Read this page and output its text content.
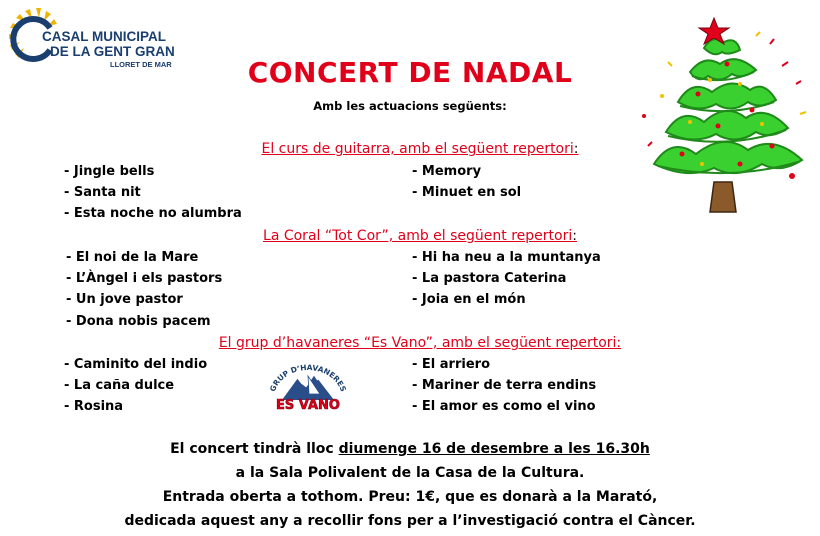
CASAL MUNICIPAL
DE LA GENT GRAN
LLORET DE MAR	CONCERT DE NADAL
Amb les actuacions següents:
El curs de guitarra, amb el següent repertori:
- Jingle bells
- Santa nit
- Esta noche no alumbra
- Memory
- Minuet en sol
La Coral “Tot Cor”, amb el següent repertori:
- El noi de la Mare
- L’Àngel i els pastors
- Un jove pastor
- Dona nobis pacem
- Hi ha neu a la muntanya
- La pastora Caterina
- Joia en el món
El grup d’havaneres “Es Vano”, amb el següent repertori:
- Caminito del indio
- La caña dulce
- Rosina
- El arriero
- Mariner de terra endins
- El amor es como el vino
GRUP D’HAVANERES
ES VANO
El concert tindrà lloc diumenge 16 de desembre a les 16.30h
a la Sala Polivalent de la Casa de la Cultura.
Entrada oberta a tothom. Preu: 1€, que es donarà a la Marató,
dedicada aquest any a recollir fons per a l’investigació contra el Càncer.
